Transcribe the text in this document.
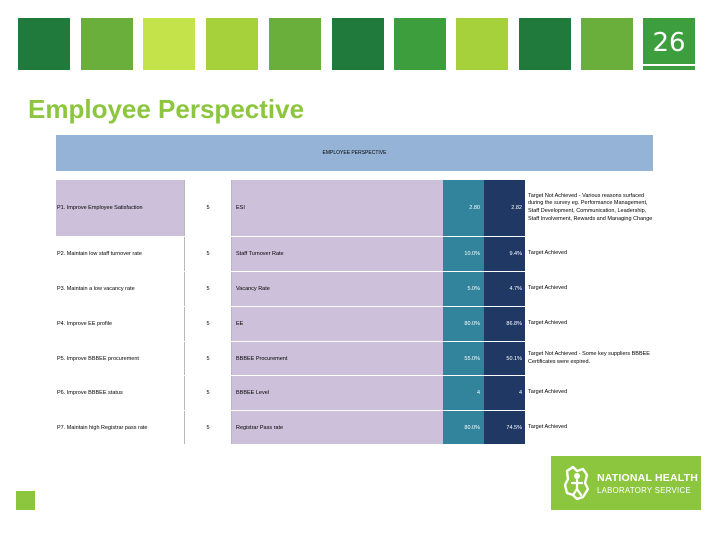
26
Employee Perspective
EMPLOYEE PERSPECTIVE
P1. Improve Employee Satisfaction	5	ESI	2.80	2.82
Target Not Achieved - Various reasons surfaced during the survey eg. Performance Management, Staff Development, Communication, Leadership, Staff Involvement, Rewards and Managing Change
P2. Maintain low staff turnover rate	5	Staff Turnover Rate	10.0%	9.4%	Target Achieved
P3. Maintain a low vacancy rate	5	Vacancy Rate	5.0%	4.7%	Target Achieved
P4. Improve EE profile	5	EE	80.0%	86.8%	Target Achieved
P5. Improve BBBEE procurement	5	BBBEE Procurement	55.0%	50.1%
Target Not Achieved - Some key suppliers BBBEE Certificates were expired.
P6. Improve BBBEE status	5	BBBEE Level	4	4	Target Achieved
P7. Maintain high Registrar pass rate	5	Registrar Pass rate	80.0%	74.5%	Target Achieved
NATIONAL HEALTH
LABORATORY SERVICE
